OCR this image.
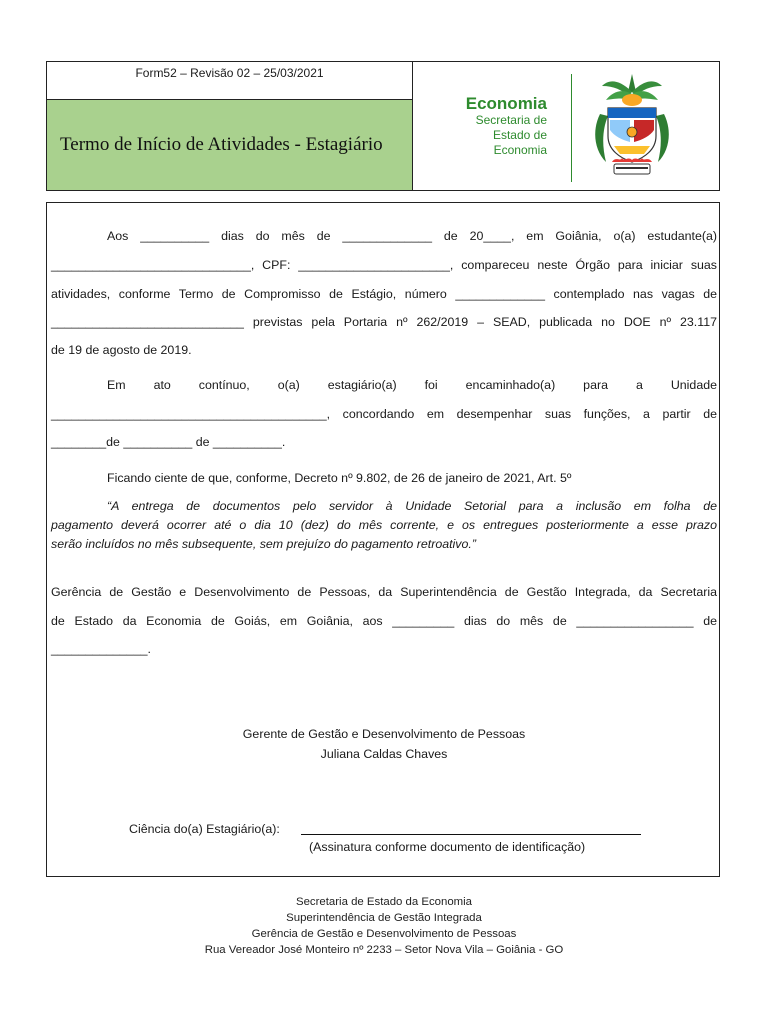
Form52 – Revisão 02 – 25/03/2021
Termo de Início de Atividades - Estagiário
Economia
Secretaria de
Estado de
Economia
Aos __________ dias do mês de _____________ de 20____, em Goiânia, o(a) estudante(a)
_____________________________, CPF: ______________________, compareceu neste Órgão para iniciar suas
atividades, conforme Termo de Compromisso de Estágio, número _____________ contemplado nas vagas de
____________________________ previstas pela Portaria nº 262/2019 – SEAD, publicada no DOE nº 23.117
de 19 de agosto de 2019.
Em ato contínuo, o(a) estagiário(a) foi encaminhado(a) para a Unidade
________________________________________, concordando em desempenhar suas funções, a partir de
________de __________ de __________.
Ficando ciente de que, conforme, Decreto nº 9.802, de 26 de janeiro de 2021, Art. 5º
“A entrega de documentos pelo servidor à Unidade Setorial para a inclusão em folha de
pagamento deverá ocorrer até o dia 10 (dez) do mês corrente, e os entregues posteriormente a esse prazo
serão incluídos no mês subsequente, sem prejuízo do pagamento retroativo.”
Gerência de Gestão e Desenvolvimento de Pessoas, da Superintendência de Gestão Integrada, da Secretaria
de Estado da Economia de Goiás, em Goiânia, aos _________ dias do mês de _________________ de
______________.
Gerente de Gestão e Desenvolvimento de Pessoas
Juliana Caldas Chaves
Ciência do(a) Estagiário(a):
(Assinatura conforme documento de identificação)
Secretaria de Estado da Economia
Superintendência de Gestão Integrada
Gerência de Gestão e Desenvolvimento de Pessoas
Rua Vereador José Monteiro nº 2233 – Setor Nova Vila – Goiânia - GO
